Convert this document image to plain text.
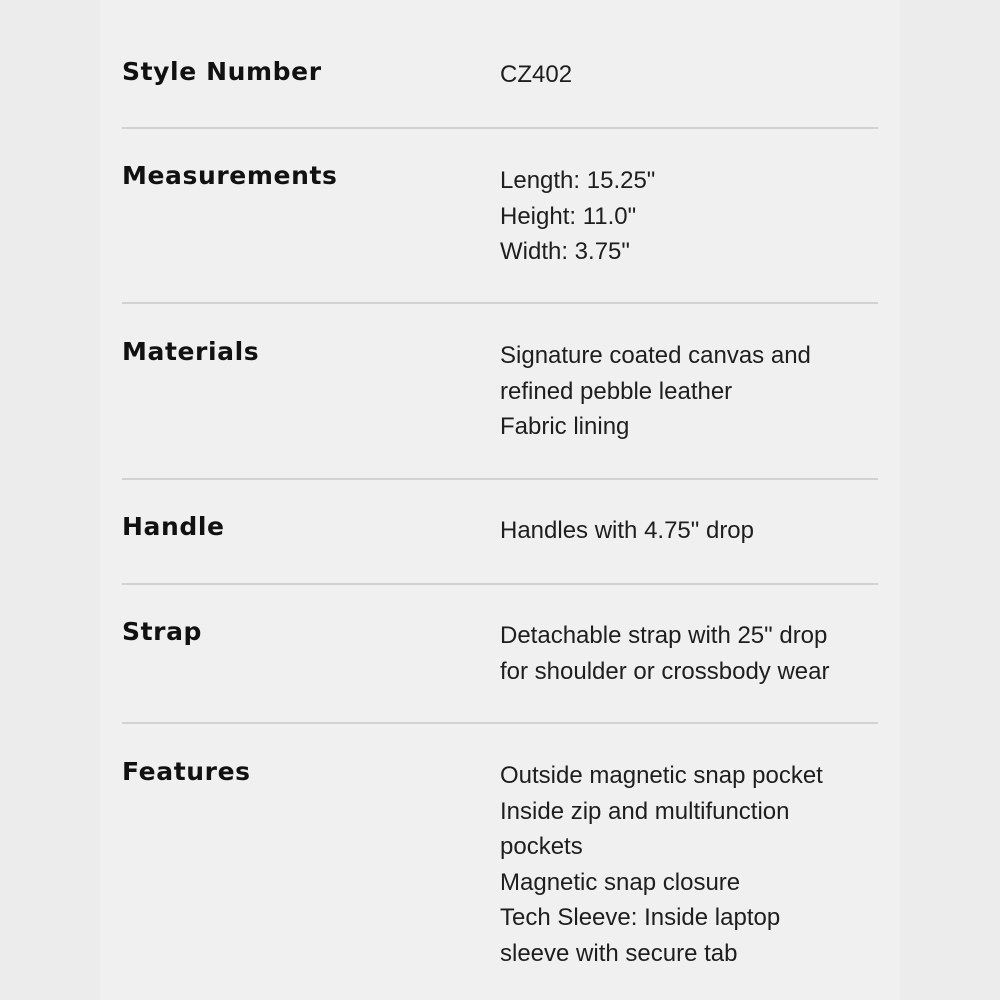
Style Number	CZ402
Measurements	Length: 15.25"
Height: 11.0"
Width: 3.75"
Materials	Signature coated canvas and
refined pebble leather
Fabric lining
Handle	Handles with 4.75" drop
Strap	Detachable strap with 25" drop
for shoulder or crossbody wear
Features	Outside magnetic snap pocket
Inside zip and multifunction
pockets
Magnetic snap closure
Tech Sleeve: Inside laptop
sleeve with secure tab
